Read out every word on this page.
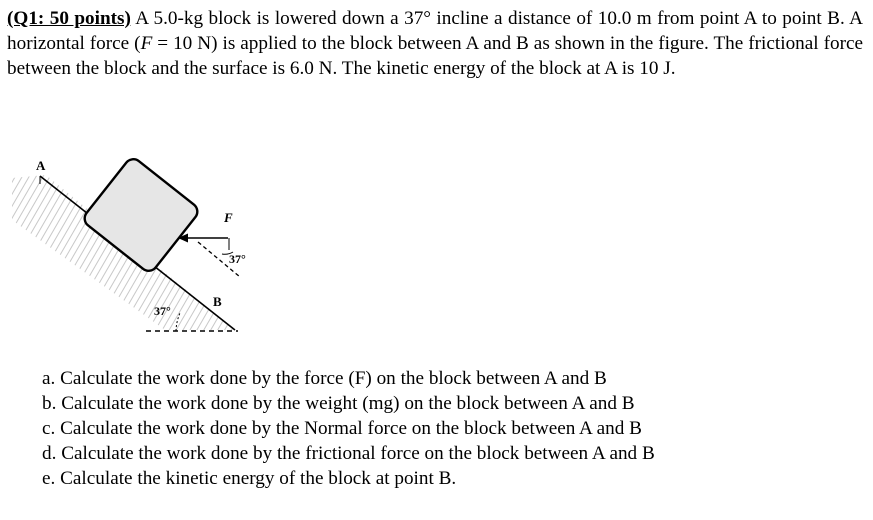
(Q1: 50 points) A 5.0-kg block is lowered down a 37° incline a distance of 10.0 m from point A to point B. A horizontal force (F = 10 N) is applied to the block between A and B as shown in the figure. The frictional force between the block and the surface is 6.0 N. The kinetic energy of the block at A is 10 J.

A
B
F
37°
37°
a. Calculate the work done by the force (F) on the block between A and B
b. Calculate the work done by the weight (mg) on the block between A and B
c. Calculate the work done by the Normal force on the block between A and B
d. Calculate the work done by the frictional force on the block between A and B
e. Calculate the kinetic energy of the block at point B.
